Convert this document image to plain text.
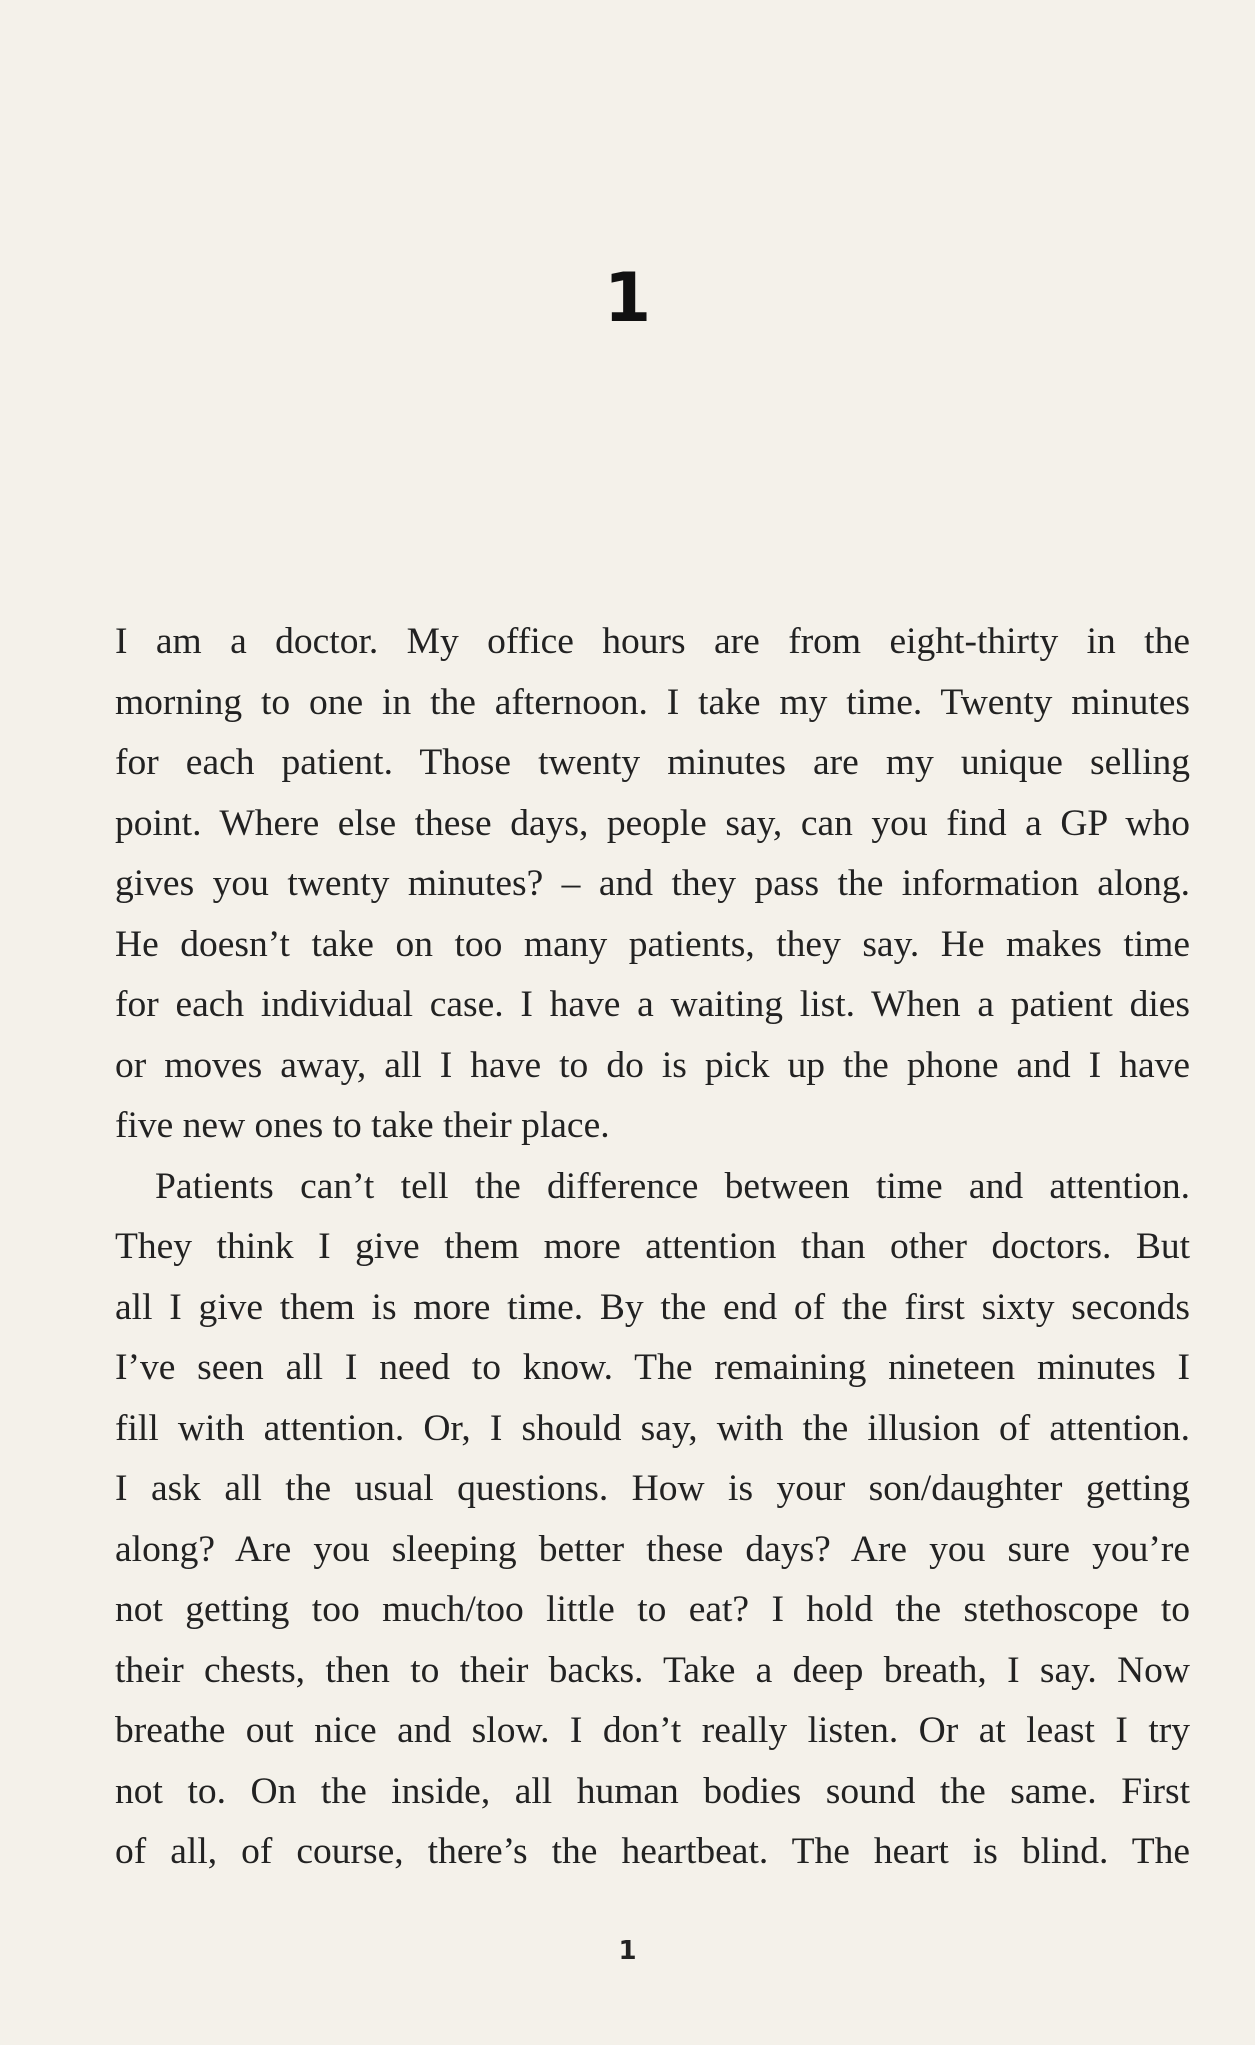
1
I am a doctor. My office hours are from eight-thirty in the
morning to one in the afternoon. I take my time. Twenty minutes
for each patient. Those twenty minutes are my unique selling
point. Where else these days, people say, can you find a GP who
gives you twenty minutes? – and they pass the information along.
He doesn’t take on too many patients, they say. He makes time
for each individual case. I have a waiting list. When a patient dies
or moves away, all I have to do is pick up the phone and I have
five new ones to take their place.
Patients can’t tell the difference between time and attention.
They think I give them more attention than other doctors. But
all I give them is more time. By the end of the first sixty seconds
I’ve seen all I need to know. The remaining nineteen minutes I
fill with attention. Or, I should say, with the illusion of attention.
I ask all the usual questions. How is your son/daughter getting
along? Are you sleeping better these days? Are you sure you’re
not getting too much/too little to eat? I hold the stethoscope to
their chests, then to their backs. Take a deep breath, I say. Now
breathe out nice and slow. I don’t really listen. Or at least I try
not to. On the inside, all human bodies sound the same. First
of all, of course, there’s the heartbeat. The heart is blind. The
1
